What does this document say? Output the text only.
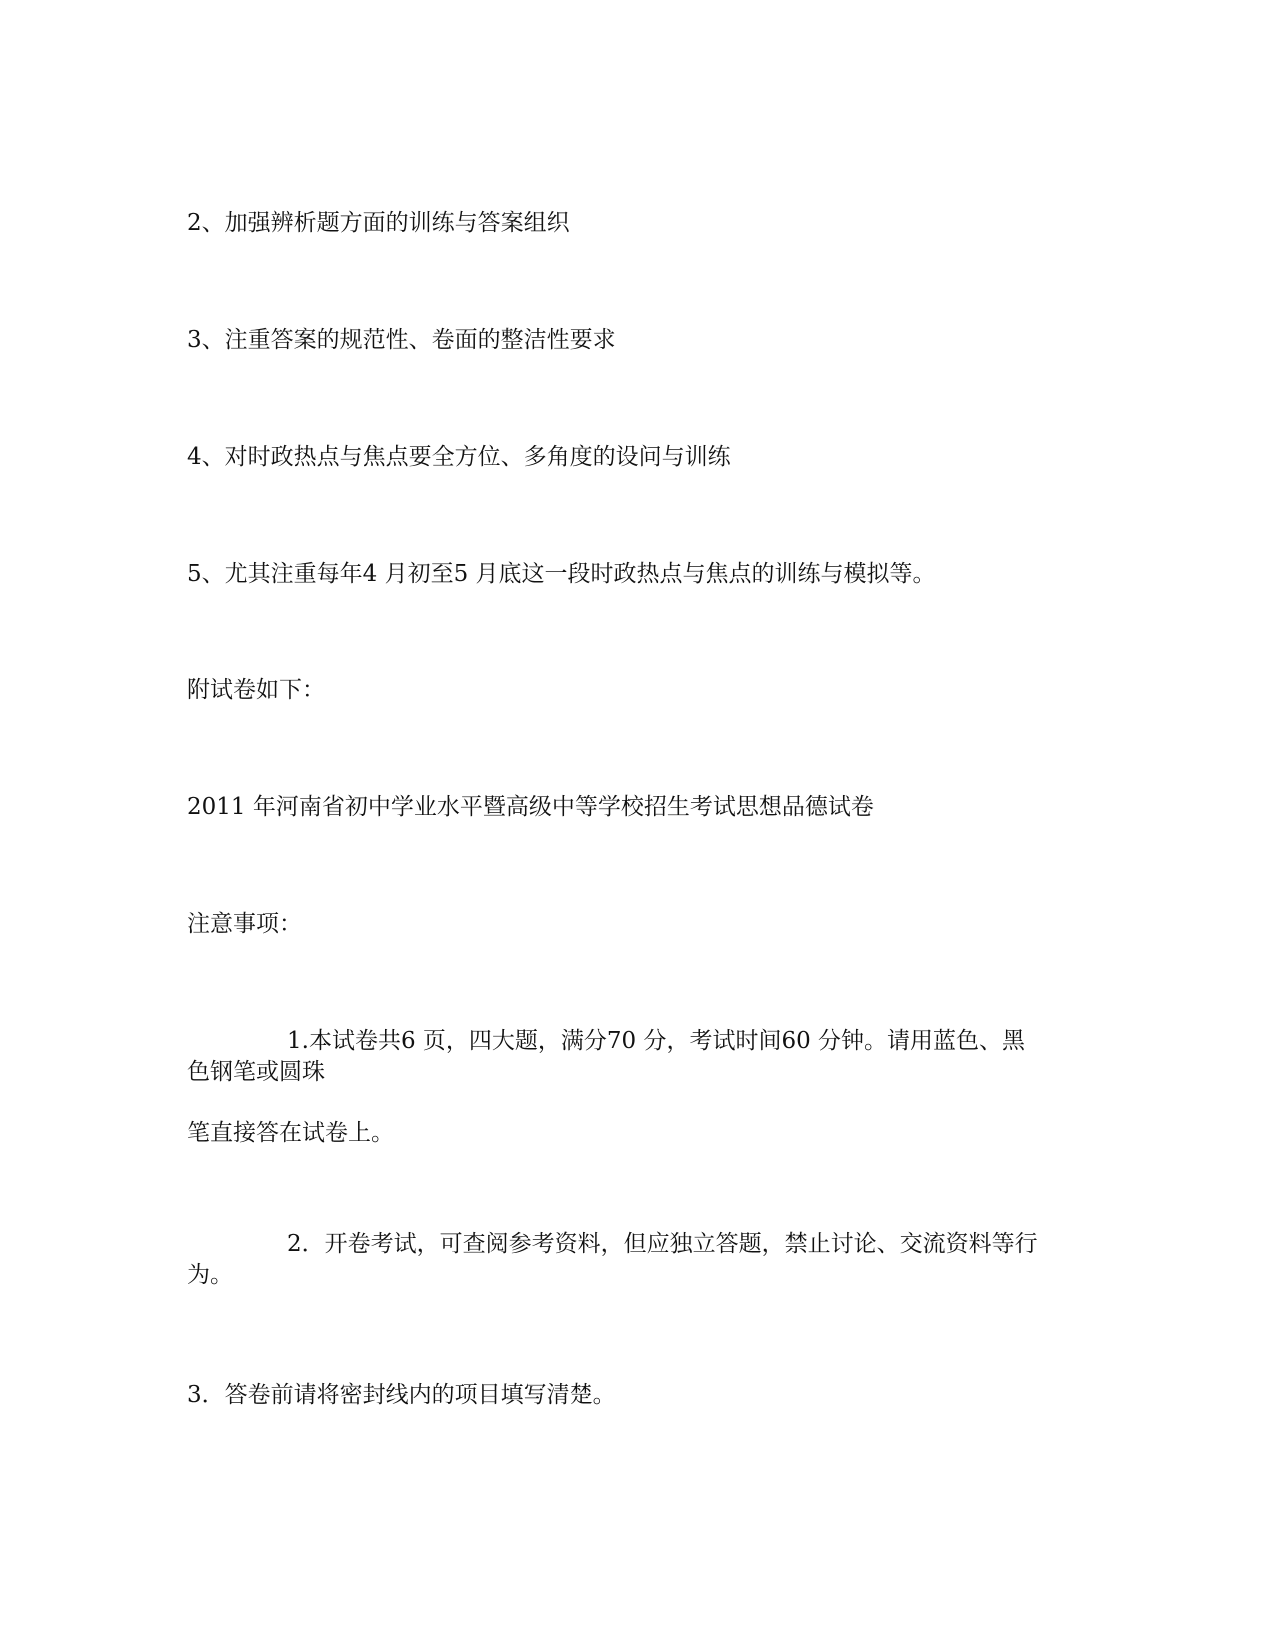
2、加强辨析题方面的训练与答案组织
3、注重答案的规范性、卷面的整洁性要求
4、对时政热点与焦点要全方位、多角度的设问与训练
5、尤其注重每年4 月初至5 月底这一段时政热点与焦点的训练与模拟等。
附试卷如下：
2011 年河南省初中学业水平暨高级中等学校招生考试思想品德试卷
注意事项：
1.本试卷共6 页，四大题，满分70 分，考试时间60 分钟。请用蓝色、黑
色钢笔或圆珠
笔直接答在试卷上。
2．开卷考试，可查阅参考资料，但应独立答题，禁止讨论、交流资料等行
为。
3．答卷前请将密封线内的项目填写清楚。
